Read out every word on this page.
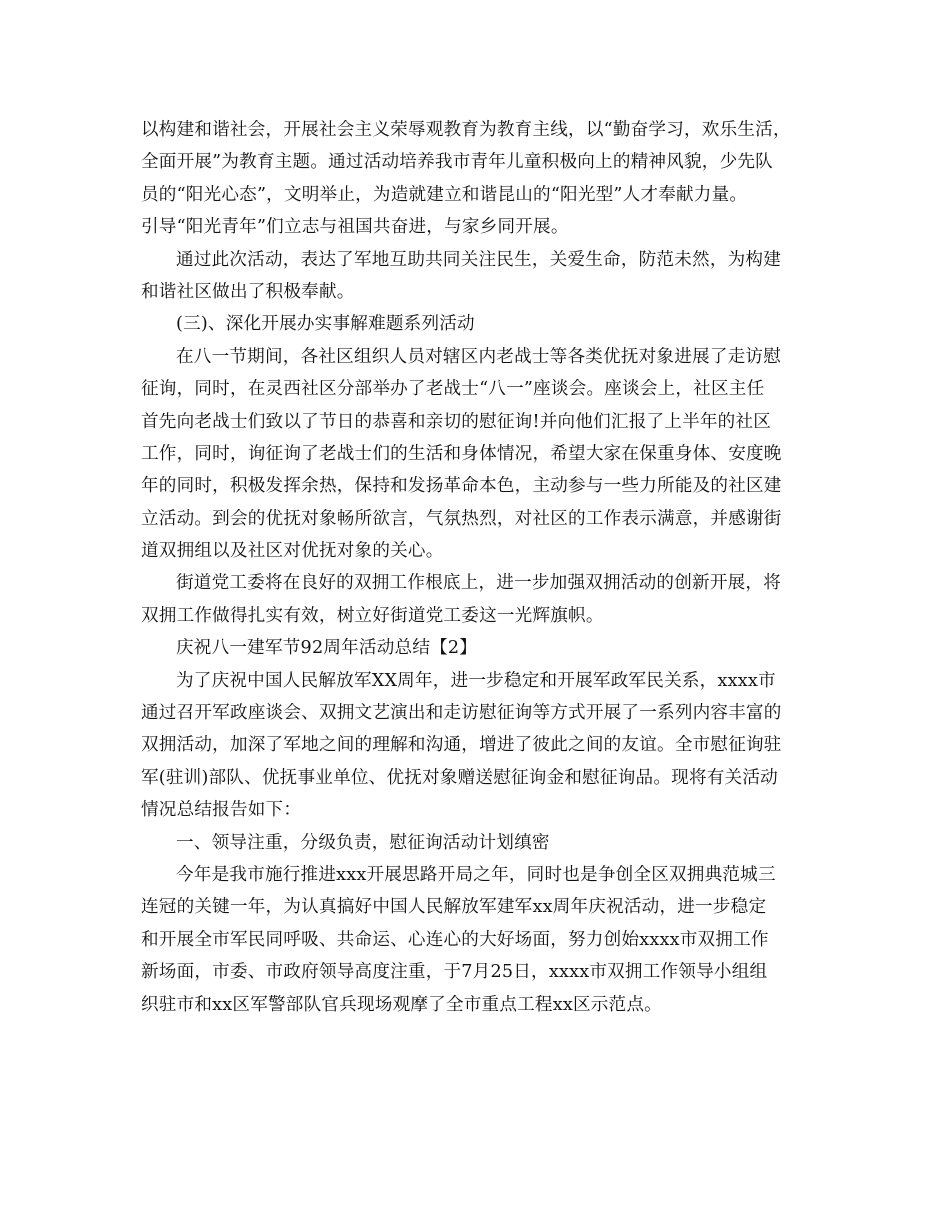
以构建和谐社会，开展社会主义荣辱观教育为教育主线，以“勤奋学习，欢乐生活，
全面开展”为教育主题。通过活动培养我市青年儿童积极向上的精神风貌，少先队
员的“阳光心态”，文明举止，为造就建立和谐昆山的“阳光型”人才奉献力量。
引导“阳光青年”们立志与祖国共奋进，与家乡同开展。
通过此次活动，表达了军地互助共同关注民生，关爱生命，防范未然，为构建
和谐社区做出了积极奉献。
(三)、深化开展办实事解难题系列活动
在八一节期间，各社区组织人员对辖区内老战士等各类优抚对象进展了走访慰
征询，同时，在灵西社区分部举办了老战士“八一”座谈会。座谈会上，社区主任
首先向老战士们致以了节日的恭喜和亲切的慰征询!并向他们汇报了上半年的社区
工作，同时，询征询了老战士们的生活和身体情况，希望大家在保重身体、安度晚
年的同时，积极发挥余热，保持和发扬革命本色，主动参与一些力所能及的社区建
立活动。到会的优抚对象畅所欲言，气氛热烈，对社区的工作表示满意，并感谢街
道双拥组以及社区对优抚对象的关心。
街道党工委将在良好的双拥工作根底上，进一步加强双拥活动的创新开展，将
双拥工作做得扎实有效，树立好街道党工委这一光辉旗帜。
庆祝八一建军节92周年活动总结【2】
为了庆祝中国人民解放军XX周年，进一步稳定和开展军政军民关系，xxxx市
通过召开军政座谈会、双拥文艺演出和走访慰征询等方式开展了一系列内容丰富的
双拥活动，加深了军地之间的理解和沟通，增进了彼此之间的友谊。全市慰征询驻
军(驻训)部队、优抚事业单位、优抚对象赠送慰征询金和慰征询品。现将有关活动
情况总结报告如下：
一、领导注重，分级负责，慰征询活动计划缜密
今年是我市施行推进xxx开展思路开局之年，同时也是争创全区双拥典范城三
连冠的关键一年，为认真搞好中国人民解放军建军xx周年庆祝活动，进一步稳定
和开展全市军民同呼吸、共命运、心连心的大好场面，努力创始xxxx市双拥工作
新场面，市委、市政府领导高度注重，于7月25日，xxxx市双拥工作领导小组组
织驻市和xx区军警部队官兵现场观摩了全市重点工程xx区示范点。
